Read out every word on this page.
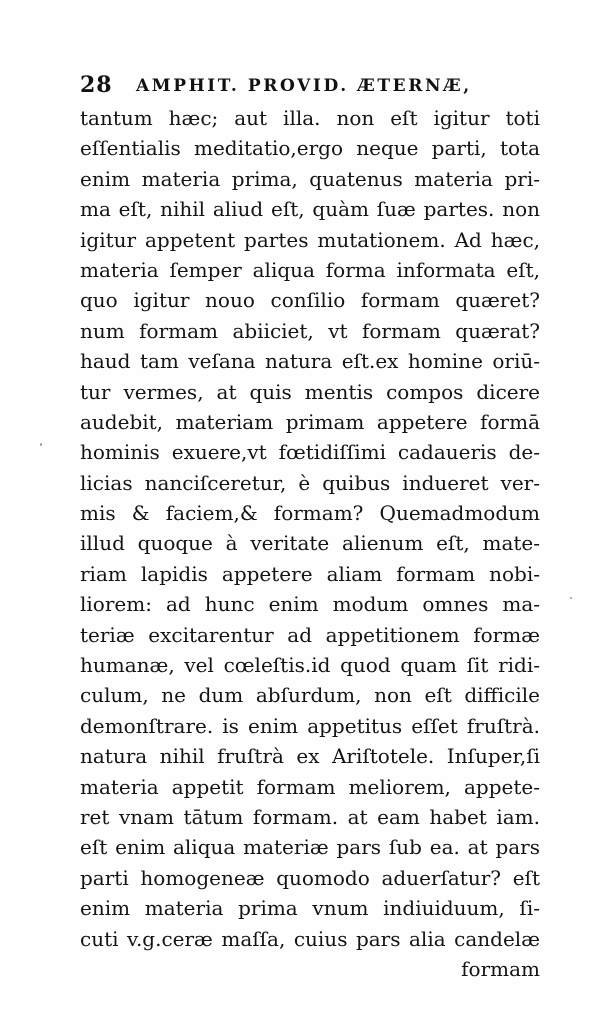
28 AMPHIT. PROVID. ÆTERNÆ,
tantum hæc; aut illa. non eſt igitur toti
eſſentialis meditatio,ergo neque parti, tota
enim materia prima, quatenus materia pri-
ma eſt, nihil aliud eſt, quàm ſuæ partes. non
igitur appetent partes mutationem. Ad hæc,
materia ſemper aliqua forma informata eſt,
quo igitur nouo conſilio formam quæret?
num formam abiiciet, vt formam quærat?
haud tam veſana natura eſt.ex homine oriū-
tur vermes, at quis mentis compos dicere
audebit, materiam primam appetere formā
hominis exuere,vt fœtidiſſimi cadaueris de-
licias nanciſceretur, è quibus indueret ver-
mis & faciem,& formam? Quemadmodum
illud quoque à veritate alienum eſt, mate-
riam lapidis appetere aliam formam nobi-
liorem: ad hunc enim modum omnes ma-
teriæ excitarentur ad appetitionem formæ
humanæ, vel cœleſtis.id quod quam ſit ridi-
culum, ne dum abſurdum, non eſt difficile
demonſtrare. is enim appetitus eſſet fruſtrà.
natura nihil fruſtrà ex Ariſtotele. Inſuper,ſi
materia appetit formam meliorem, appete-
ret vnam tātum formam. at eam habet iam.
eſt enim aliqua materiæ pars ſub ea. at pars
parti homogeneæ quomodo aduerſatur? eſt
enim materia prima vnum indiuiduum, ſi-
cuti v.g.ceræ maſſa, cuius pars alia candelæ
formam
